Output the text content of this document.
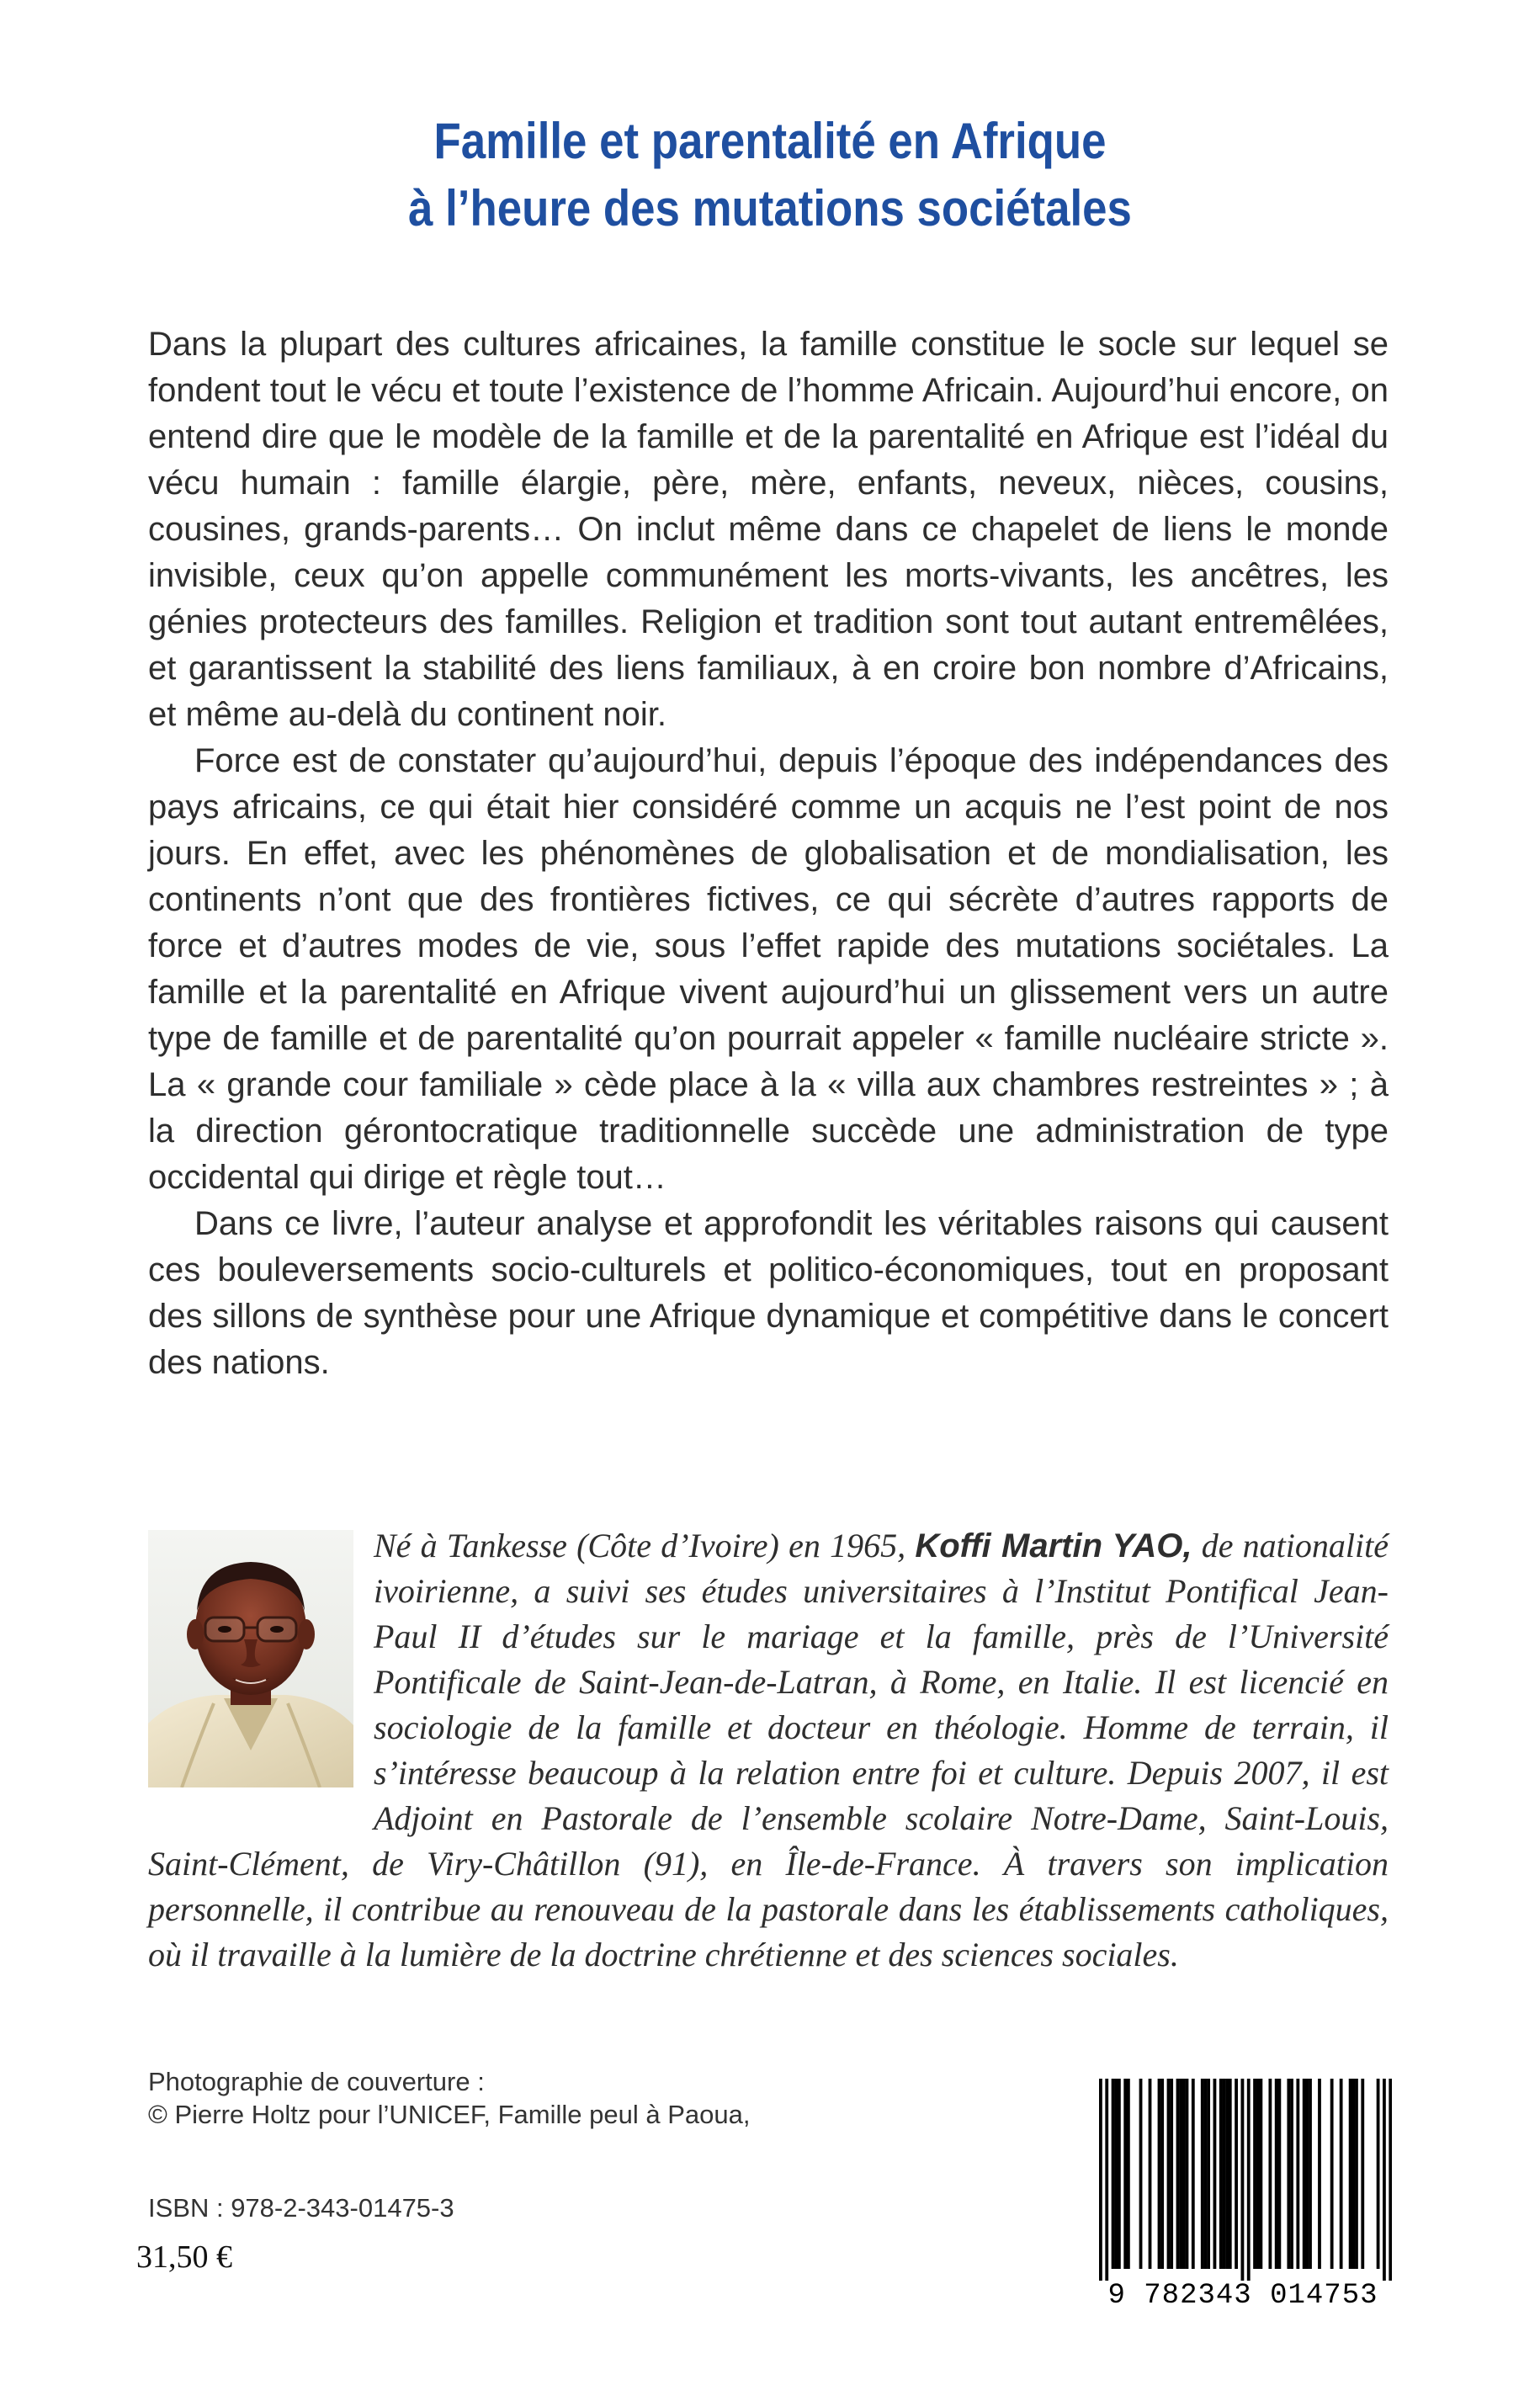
Famille et parentalité en Afrique
à l’heure des mutations sociétales

Dans la plupart des cultures africaines, la famille constitue le socle sur lequel se fondent tout le vécu et toute l’existence de l’homme Africain. Aujourd’hui encore, on entend dire que le modèle de la famille et de la parentalité en Afrique est l’idéal du vécu humain : famille élargie, père, mère, enfants, neveux, nièces, cousins, cousines, grands-parents… On inclut même dans ce chapelet de liens le monde invisible, ceux qu’on appelle communément les morts-vivants, les ancêtres, les génies protecteurs des familles. Religion et tradition sont tout autant entremêlées, et garantissent la stabilité des liens familiaux, à en croire bon nombre d’Africains, et même au-delà du continent noir.

Force est de constater qu’aujourd’hui, depuis l’époque des indépendances des pays africains, ce qui était hier considéré comme un acquis ne l’est point de nos jours. En effet, avec les phénomènes de globalisation et de mondialisation, les continents n’ont que des frontières fictives, ce qui sécrète d’autres rapports de force et d’autres modes de vie, sous l’effet rapide des mutations sociétales. La famille et la parentalité en Afrique vivent aujourd’hui un glissement vers un autre type de famille et de parentalité qu’on pourrait appeler « famille nucléaire stricte ». La « grande cour familiale » cède place à la « villa aux chambres restreintes » ; à la direction gérontocratique traditionnelle succède une administration de type occidental qui dirige et règle tout…

Dans ce livre, l’auteur analyse et approfondit les véritables raisons qui causent ces bouleversements socio-culturels et politico-économiques, tout en proposant des sillons de synthèse pour une Afrique dynamique et compétitive dans le concert des nations.

Né à Tankesse (Côte d’Ivoire) en 1965, Koffi Martin YAO, de nationalité ivoirienne, a suivi ses études universitaires à l’Institut Pontifical Jean-Paul II d’études sur le mariage et la famille, près de l’Université Pontificale de Saint-Jean-de-Latran, à Rome, en Italie. Il est licencié en sociologie de la famille et docteur en théologie. Homme de terrain, il s’intéresse beaucoup à la relation entre foi et culture. Depuis 2007, il est Adjoint en Pastorale de l’ensemble scolaire Notre-Dame, Saint-Louis, Saint-Clément, de Viry-Châtillon (91), en Île-de-France. À travers son implication personnelle, il contribue au renouveau de la pastorale dans les établissements catholiques, où il travaille à la lumière de la doctrine chrétienne et des sciences sociales.
Photographie de couverture :
© Pierre Holtz pour l’UNICEF, Famille peul à Paoua,
ISBN : 978-2-343-01475-3
31,50 €
9 782343 014753
